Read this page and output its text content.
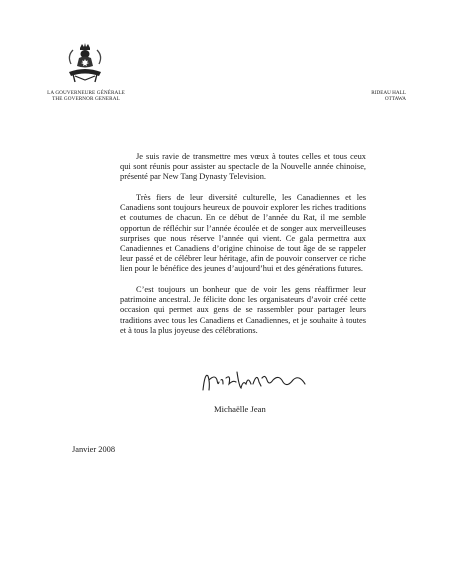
LA GOUVERNEURE GÉNÉRALE
THE GOVERNOR GENERAL
RIDEAU HALL
OTTAWA

Je suis ravie de transmettre mes vœux à toutes celles et tous ceux qui sont réunis pour assister au spectacle de la Nouvelle année chinoise, présenté par New Tang Dynasty Television.

Très fiers de leur diversité culturelle, les Canadiennes et les Canadiens sont toujours heureux de pouvoir explorer les riches traditions et coutumes de chacun. En ce début de l’année du Rat, il me semble opportun de réfléchir sur l’année écoulée et de songer aux merveilleuses surprises que nous réserve l’année qui vient. Ce gala permettra aux Canadiennes et Canadiens d’origine chinoise de tout âge de se rappeler leur passé et de célébrer leur héritage, afin de pouvoir conserver ce riche lien pour le bénéfice des jeunes d’aujourd’hui et des générations futures.

C’est toujours un bonheur que de voir les gens réaffirmer leur patrimoine ancestral. Je félicite donc les organisateurs d’avoir créé cette occasion qui permet aux gens de se rassembler pour partager leurs traditions avec tous les Canadiens et Canadiennes, et je souhaite à toutes et à tous la plus joyeuse des célébrations.

Michaëlle Jean
Janvier 2008
